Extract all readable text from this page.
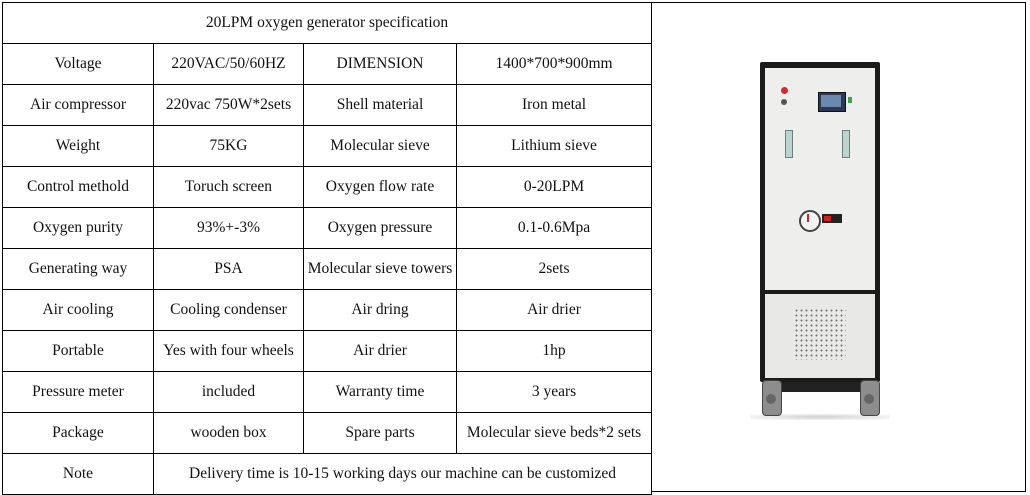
20LPM oxygen generator specification			
Voltage	220VAC/50/60HZ	DIMENSION	1400*700*900mm
Air compressor	220vac 750W*2sets	Shell material	Iron metal
Weight	75KG	Molecular sieve	Lithium sieve
Control methold	Toruch screen	Oxygen flow rate	0-20LPM
Oxygen purity	93%+-3%	Oxygen pressure	0.1-0.6Mpa
Generating way	PSA	Molecular sieve towers	2sets
Air cooling	Cooling condenser	Air dring	Air drier
Portable	Yes with four wheels	Air drier	1hp
Pressure meter	included	Warranty time	3 years
Package	wooden box	Spare parts	Molecular sieve beds*2 sets
Note	Delivery time is 10-15 working days our machine can be customized		
